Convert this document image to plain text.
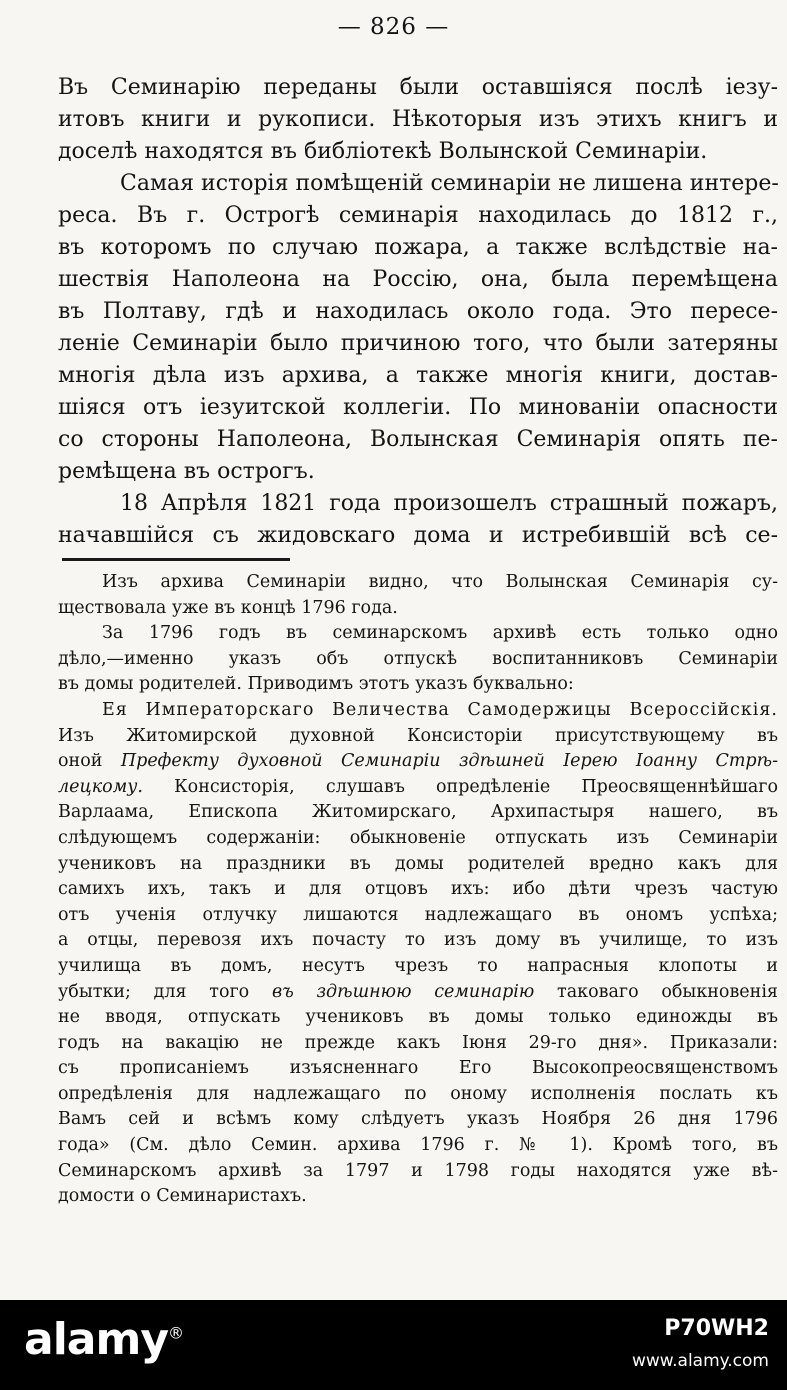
— 826 —
Въ Семинарію переданы были оставшіяся послѣ іезу-
итовъ книги и рукописи. Нѣкоторыя изъ этихъ книгъ и
доселѣ находятся въ библіотекѣ Волынской Семинаріи.
Самая исторія помѣщеній семинаріи не лишена интере-
реса. Въ г. Острогѣ семинарія находилась до 1812 г.,
въ которомъ по случаю пожара, а также вслѣдствіе на-
шествія Наполеона на Россію, она, была перемѣщена
въ Полтаву, гдѣ и находилась около года. Это пересе-
леніе Семинаріи было причиною того, что были затеряны
многія дѣла изъ архива, а также многія книги, достав-
шіяся отъ іезуитской коллегіи. По минованіи опасности
со стороны Наполеона, Волынская Семинарія опять пе-
ремѣщена въ острогъ.
18 Апрѣля 1821 года произошелъ страшный пожаръ,
начавшійся съ жидовскаго дома и истребившій всѣ се-
Изъ архива Семинаріи видно, что Волынская Семинарія су-
ществовала уже въ концѣ 1796 года.
За 1796 годъ въ семинарскомъ архивѣ есть только одно
дѣло,—именно указъ объ отпускѣ воспитанниковъ Семинаріи
въ домы родителей. Приводимъ этотъ указъ буквально:
Ея Императорскаго Величества Самодержицы Всероссійскія.
Изъ Житомирской духовной Консисторіи присутствующему въ
оной Префекту духовной Семинаріи здѣшней Іерею Іоанну Стрѣ-
лецкому. Консисторія, слушавъ опредѣленіе Преосвященнѣйшаго
Варлаама, Епископа Житомирскаго, Архипастыря нашего, въ
слѣдующемъ содержаніи: обыкновеніе отпускать изъ Семинаріи
учениковъ на праздники въ домы родителей вредно какъ для
самихъ ихъ, такъ и для отцовъ ихъ: ибо дѣти чрезъ частую
отъ ученія отлучку лишаются надлежащаго въ ономъ успѣха;
а отцы, перевозя ихъ почасту то изъ дому въ училище, то изъ
училища въ домъ, несутъ чрезъ то напрасныя клопоты и
убытки; для того въ здѣшнюю семинарію таковаго обыкновенія
не вводя, отпускать учениковъ въ домы только единожды въ
годъ на вакацію не прежде какъ Іюня 29-го дня». Приказали:
съ прописаніемъ изъясненнаго Его Высокопреосвященствомъ
опредѣленія для надлежащаго по оному исполненія послать къ
Вамъ сей и всѣмъ кому слѣдуетъ указъ Ноября 26 дня 1796
года» (См. дѣло Семин. архива 1796 г. № 1). Кромѣ того, въ
Семинарскомъ архивѣ за 1797 и 1798 годы находятся уже вѣ-
домости о Семинаристахъ.
alamy®	P70WH2
www.alamy.com
